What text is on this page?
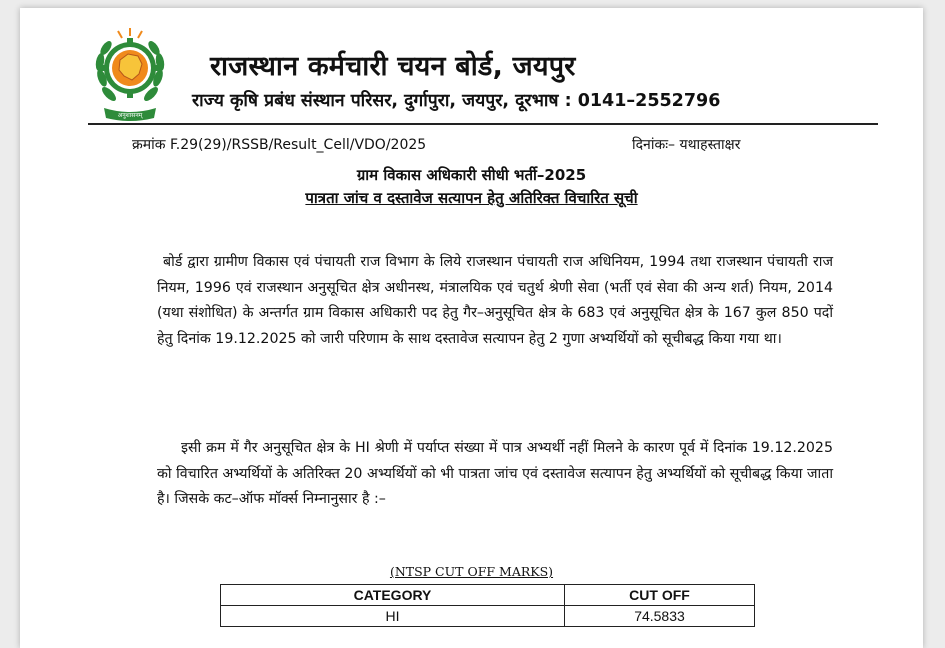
अनुशासनम्
राजस्थान कर्मचारी चयन बोर्ड, जयपुर
राज्य कृषि प्रबंध संस्थान परिसर, दुर्गापुरा, जयपुर, दूरभाष : 0141–2552796
क्रमांक F.29(29)/RSSB/Result_Cell/VDO/2025	दिनांकः– यथाहस्ताक्षर
ग्राम विकास अधिकारी सीधी भर्ती–2025
पात्रता जांच व दस्तावेज सत्यापन हेतु अतिरिक्त विचारित सूची
बोर्ड द्वारा ग्रामीण विकास एवं पंचायती राज विभाग के लिये राजस्थान पंचायती राज अधिनियम, 1994 तथा राजस्थान पंचायती राज नियम, 1996 एवं राजस्थान अनुसूचित क्षेत्र अधीनस्थ, मंत्रालयिक एवं चतुर्थ श्रेणी सेवा (भर्ती एवं सेवा की अन्य शर्त) नियम, 2014 (यथा संशोधित) के अन्तर्गत ग्राम विकास अधिकारी पद हेतु गैर–अनुसूचित क्षेत्र के 683 एवं अनुसूचित क्षेत्र के 167 कुल 850 पदों हेतु दिनांक 19.12.2025 को जारी परिणाम के साथ दस्तावेज सत्यापन हेतु 2 गुणा अभ्यर्थियों को सूचीबद्ध किया गया था।
इसी क्रम में गैर अनुसूचित क्षेत्र के HI श्रेणी में पर्याप्त संख्या में पात्र अभ्यर्थी नहीं मिलने के कारण पूर्व में दिनांक 19.12.2025 को विचारित अभ्यर्थियों के अतिरिक्त 20 अभ्यर्थियों को भी पात्रता जांच एवं दस्तावेज सत्यापन हेतु अभ्यर्थियों को सूचीबद्ध किया जाता है। जिसके कट–ऑफ मॉर्क्स निम्नानुसार है :–
(NTSP CUT OFF MARKS)
CATEGORY	CUT OFF
HI	74.5833
